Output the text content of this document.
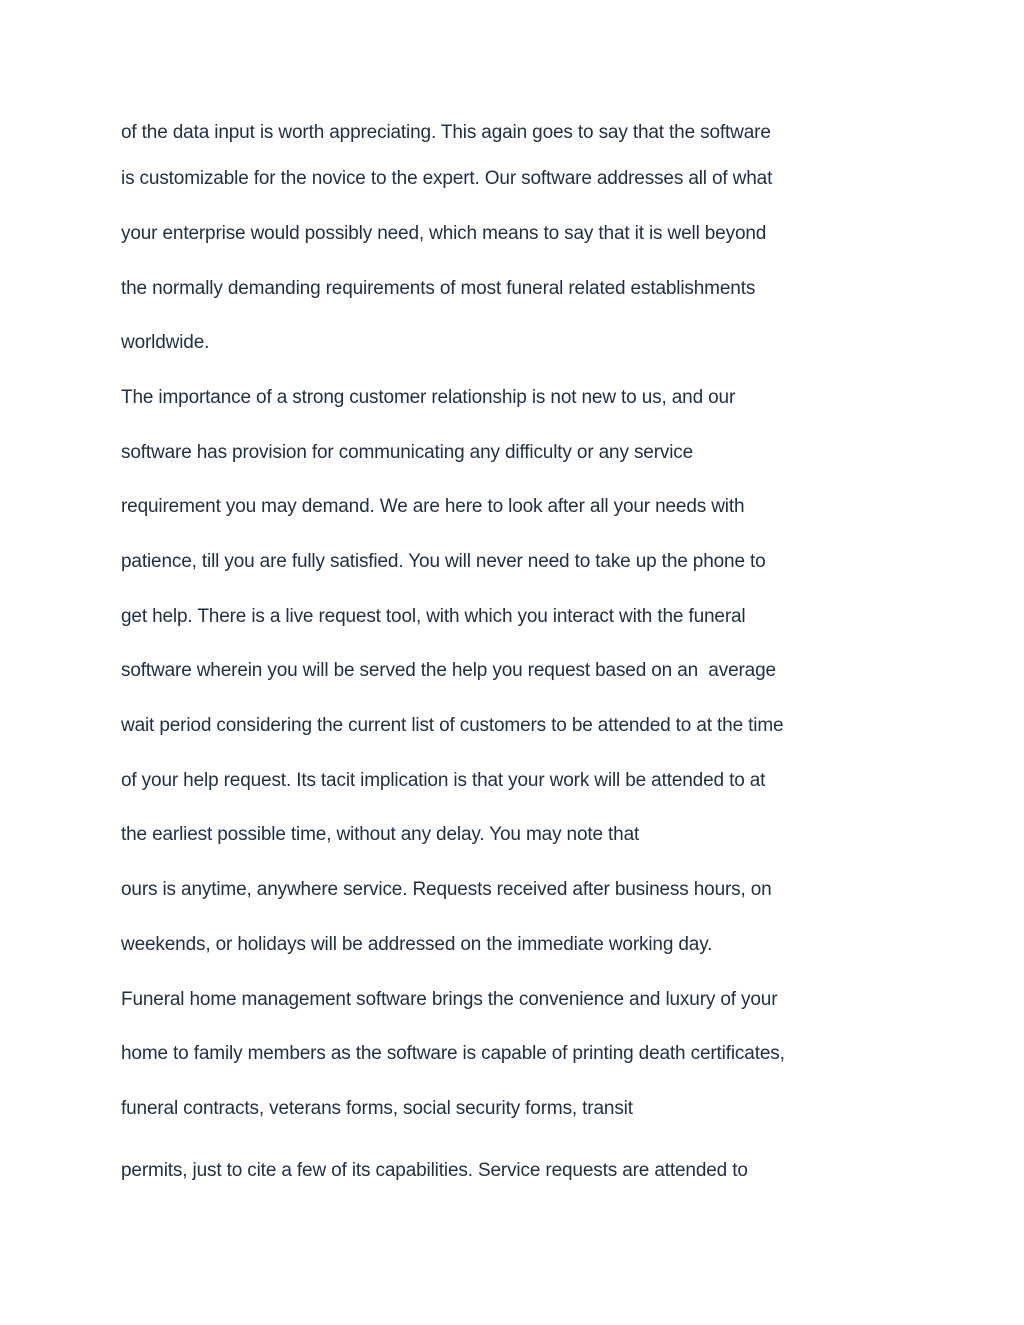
of the data input is worth appreciating. This again goes to say that the software

is customizable for the novice to the expert. Our software addresses all of what

your enterprise would possibly need, which means to say that it is well beyond

the normally demanding requirements of most funeral related establishments

worldwide.

The importance of a strong customer relationship is not new to us, and our

software has provision for communicating any difficulty or any service

requirement you may demand. We are here to look after all your needs with

patience, till you are fully satisfied. You will never need to take up the phone to

get help. There is a live request tool, with which you interact with the funeral

software wherein you will be served the help you request based on an  average

wait period considering the current list of customers to be attended to at the time

of your help request. Its tacit implication is that your work will be attended to at

the earliest possible time, without any delay. You may note that

ours is anytime, anywhere service. Requests received after business hours, on

weekends, or holidays will be addressed on the immediate working day.

Funeral home management software brings the convenience and luxury of your

home to family members as the software is capable of printing death certificates,

funeral contracts, veterans forms, social security forms, transit

permits, just to cite a few of its capabilities. Service requests are attended to
